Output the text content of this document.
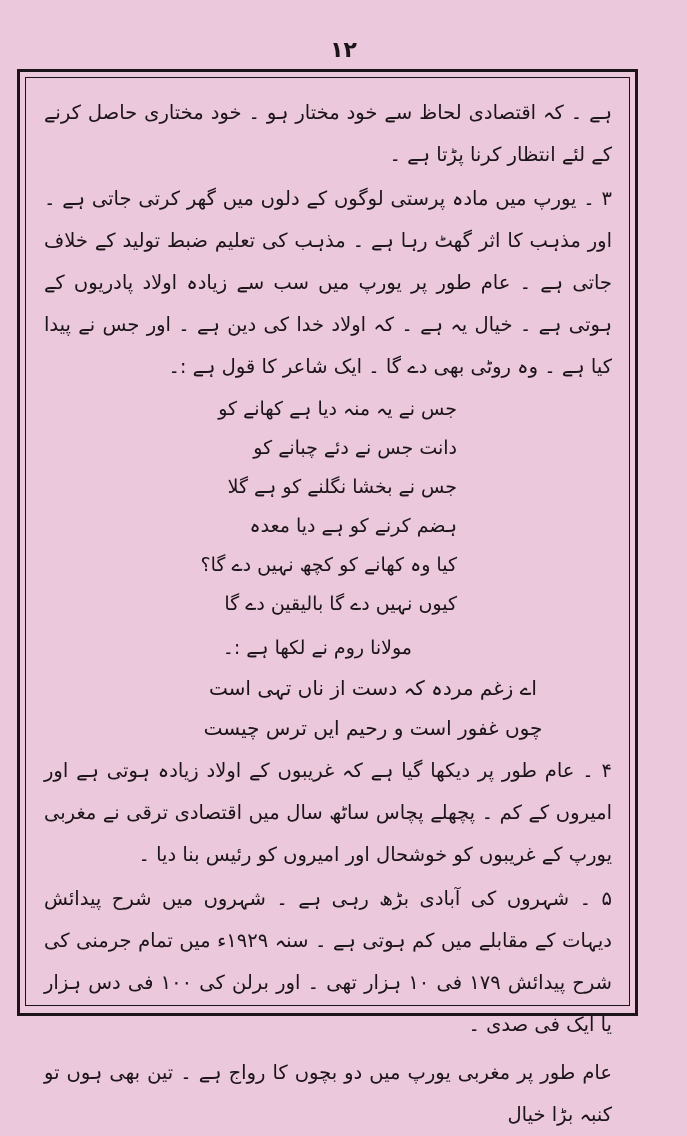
۱۲

ہے ۔ کہ اقتصادی لحاظ سے خود مختار ہو ۔ خود مختاری حاصل کرنے کے لئے انتظار کرنا پڑتا ہے ۔

۳ ۔ یورپ میں مادہ پرستی لوگوں کے دلوں میں گھر کرتی جاتی ہے ۔ اور مذہب کا اثر گھٹ رہا ہے ۔ مذہب کی تعلیم ضبط تولید کے خلاف جاتی ہے ۔ عام طور پر یورپ میں سب سے زیادہ اولاد پادریوں کے ہوتی ہے ۔ خیال یہ ہے ۔ کہ اولاد خدا کی دین ہے ۔ اور جس نے پیدا کیا ہے ۔ وہ روٹی بھی دے گا ۔ ایک شاعر کا قول ہے :۔

جس نے یہ منہ دیا ہے کھانے کو
دانت جس نے دئے چبانے کو
جس نے بخشا نگلنے کو ہے گلا
ہضم کرنے کو ہے دیا معدہ
کیا وہ کھانے کو کچھ نہیں دے گا؟
کیوں نہیں دے گا بالیقین دے گا
مولانا روم نے لکھا ہے :۔
اے زغم مردہ کہ دست از ناں تہی است
چوں غفور است و رحیم ایں ترس چیست

۴ ۔ عام طور پر دیکھا گیا ہے کہ غریبوں کے اولاد زیادہ ہوتی ہے اور امیروں کے کم ۔ پچھلے پچاس ساٹھ سال میں اقتصادی ترقی نے مغربی یورپ کے غریبوں کو خوشحال اور امیروں کو رئیس بنا دیا ۔

۵ ۔ شہروں کی آبادی بڑھ رہی ہے ۔ شہروں میں شرح پیدائش دیہات کے مقابلے میں کم ہوتی ہے ۔ سنہ ۱۹۲۹ء میں تمام جرمنی کی شرح پیدائش ۱۷۹ فی ۱۰ ہزار تھی ۔ اور برلن کی ۱۰۰ فی دس ہزار یا ایک فی صدی ۔

عام طور پر مغربی یورپ میں دو بچوں کا رواج ہے ۔ تین بھی ہوں تو کنبہ بڑا خیال
